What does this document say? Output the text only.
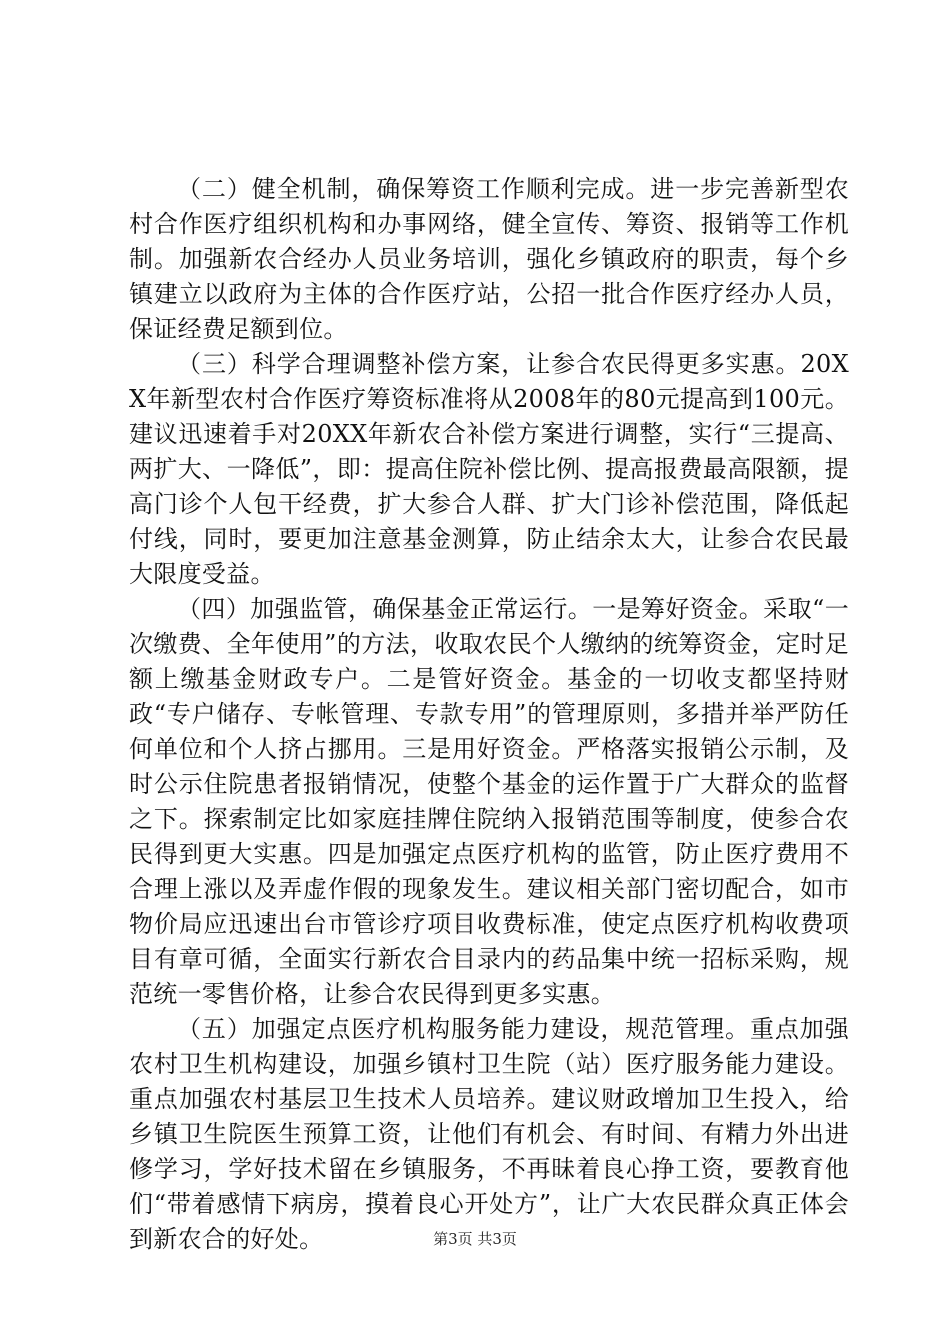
（二）健全机制，确保筹资工作顺利完成。进一步完善新型农村合作医疗组织机构和办事网络，健全宣传、筹资、报销等工作机制。加强新农合经办人员业务培训，强化乡镇政府的职责，每个乡镇建立以政府为主体的合作医疗站，公招一批合作医疗经办人员，保证经费足额到位。

（三）科学合理调整补偿方案，让参合农民得更多实惠。20XX年新型农村合作医疗筹资标准将从2008年的80元提高到100元。建议迅速着手对20XX年新农合补偿方案进行调整，实行“三提高、两扩大、一降低”，即：提高住院补偿比例、提高报费最高限额，提高门诊个人包干经费，扩大参合人群、扩大门诊补偿范围，降低起付线，同时，要更加注意基金测算，防止结余太大，让参合农民最大限度受益。

（四）加强监管，确保基金正常运行。一是筹好资金。采取“一次缴费、全年使用”的方法，收取农民个人缴纳的统筹资金，定时足额上缴基金财政专户。二是管好资金。基金的一切收支都坚持财政“专户储存、专帐管理、专款专用”的管理原则，多措并举严防任何单位和个人挤占挪用。三是用好资金。严格落实报销公示制，及时公示住院患者报销情况，使整个基金的运作置于广大群众的监督之下。探索制定比如家庭挂牌住院纳入报销范围等制度，使参合农民得到更大实惠。四是加强定点医疗机构的监管，防止医疗费用不合理上涨以及弄虚作假的现象发生。建议相关部门密切配合，如市物价局应迅速出台市管诊疗项目收费标准，使定点医疗机构收费项目有章可循，全面实行新农合目录内的药品集中统一招标采购，规范统一零售价格，让参合农民得到更多实惠。

（五）加强定点医疗机构服务能力建设，规范管理。重点加强农村卫生机构建设，加强乡镇村卫生院（站）医疗服务能力建设。重点加强农村基层卫生技术人员培养。建议财政增加卫生投入，给乡镇卫生院医生预算工资，让他们有机会、有时间、有精力外出进修学习，学好技术留在乡镇服务，不再昧着良心挣工资，要教育他们“带着感情下病房，摸着良心开处方”，让广大农民群众真正体会到新农合的好处。	第3页 共3页
